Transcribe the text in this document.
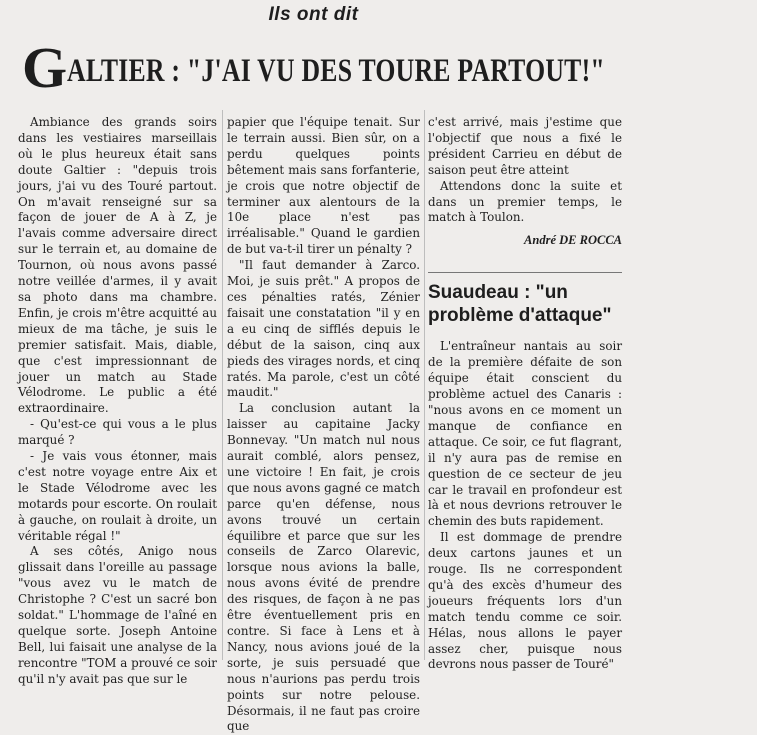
Ils ont dit
GALTIER : "J'AI VU DES TOURE PARTOUT!"

Ambiance des grands soirs dans les vestiaires marseillais où le plus heureux était sans doute Galtier : "depuis trois jours, j'ai vu des Touré partout. On m'avait renseigné sur sa façon de jouer de A à Z, je l'avais comme adversaire direct sur le terrain et, au domaine de Tournon, où nous avons passé notre veillée d'armes, il y avait sa photo dans ma chambre. Enfin, je crois m'être acquitté au mieux de ma tâche, je suis le premier satisfait. Mais, diable, que c'est impressionnant de jouer un match au Stade Vélodrome. Le public a été extraordinaire.

- Qu'est-ce qui vous a le plus marqué ?

- Je vais vous étonner, mais c'est notre voyage entre Aix et le Stade Vélodrome avec les motards pour escorte. On roulait à gauche, on roulait à droite, un véritable régal !"

A ses côtés, Anigo nous glissait dans l'oreille au passage "vous avez vu le match de Christophe ? C'est un sacré bon soldat." L'hommage de l'aîné en quelque sorte. Joseph Antoine Bell, lui faisait une analyse de la rencontre "TOM a prouvé ce soir qu'il n'y avait pas que sur le

papier que l'équipe tenait. Sur le terrain aussi. Bien sûr, on a perdu quelques points bêtement mais sans forfanterie, je crois que notre objectif de terminer aux alentours de la 10e place n'est pas irréalisable." Quand le gardien de but va-t-il tirer un pénalty ?

"Il faut demander à Zarco. Moi, je suis prêt." A propos de ces pénalties ratés, Zénier faisait une constatation "il y en a eu cinq de sifflés depuis le début de la saison, cinq aux pieds des virages nords, et cinq ratés. Ma parole, c'est un côté maudit."

La conclusion autant la laisser au capitaine Jacky Bonnevay. "Un match nul nous aurait comblé, alors pensez, une victoire ! En fait, je crois que nous avons gagné ce match parce qu'en défense, nous avons trouvé un certain équilibre et parce que sur les conseils de Zarco Olarevic, lorsque nous avions la balle, nous avons évité de prendre des risques, de façon à ne pas être éventuellement pris en contre. Si face à Lens et à Nancy, nous avions joué de la sorte, je suis persuadé que nous n'aurions pas perdu trois points sur notre pelouse. Désormais, il ne faut pas croire que

c'est arrivé, mais j'estime que l'objectif que nous a fixé le président Carrieu en début de saison peut être atteint

Attendons donc la suite et dans un premier temps, le match à Toulon.

André DE ROCCA
Suaudeau : "un problème d'attaque"

L'entraîneur nantais au soir de la première défaite de son équipe était conscient du problème actuel des Canaris : "nous avons en ce moment un manque de confiance en attaque. Ce soir, ce fut flagrant, il n'y aura pas de remise en question de ce secteur de jeu car le travail en profondeur est là et nous devrions retrouver le chemin des buts rapidement.

Il est dommage de prendre deux cartons jaunes et un rouge. Ils ne correspondent qu'à des excès d'humeur des joueurs fréquents lors d'un match tendu comme ce soir. Hélas, nous allons le payer assez cher, puisque nous devrons nous passer de Touré"
